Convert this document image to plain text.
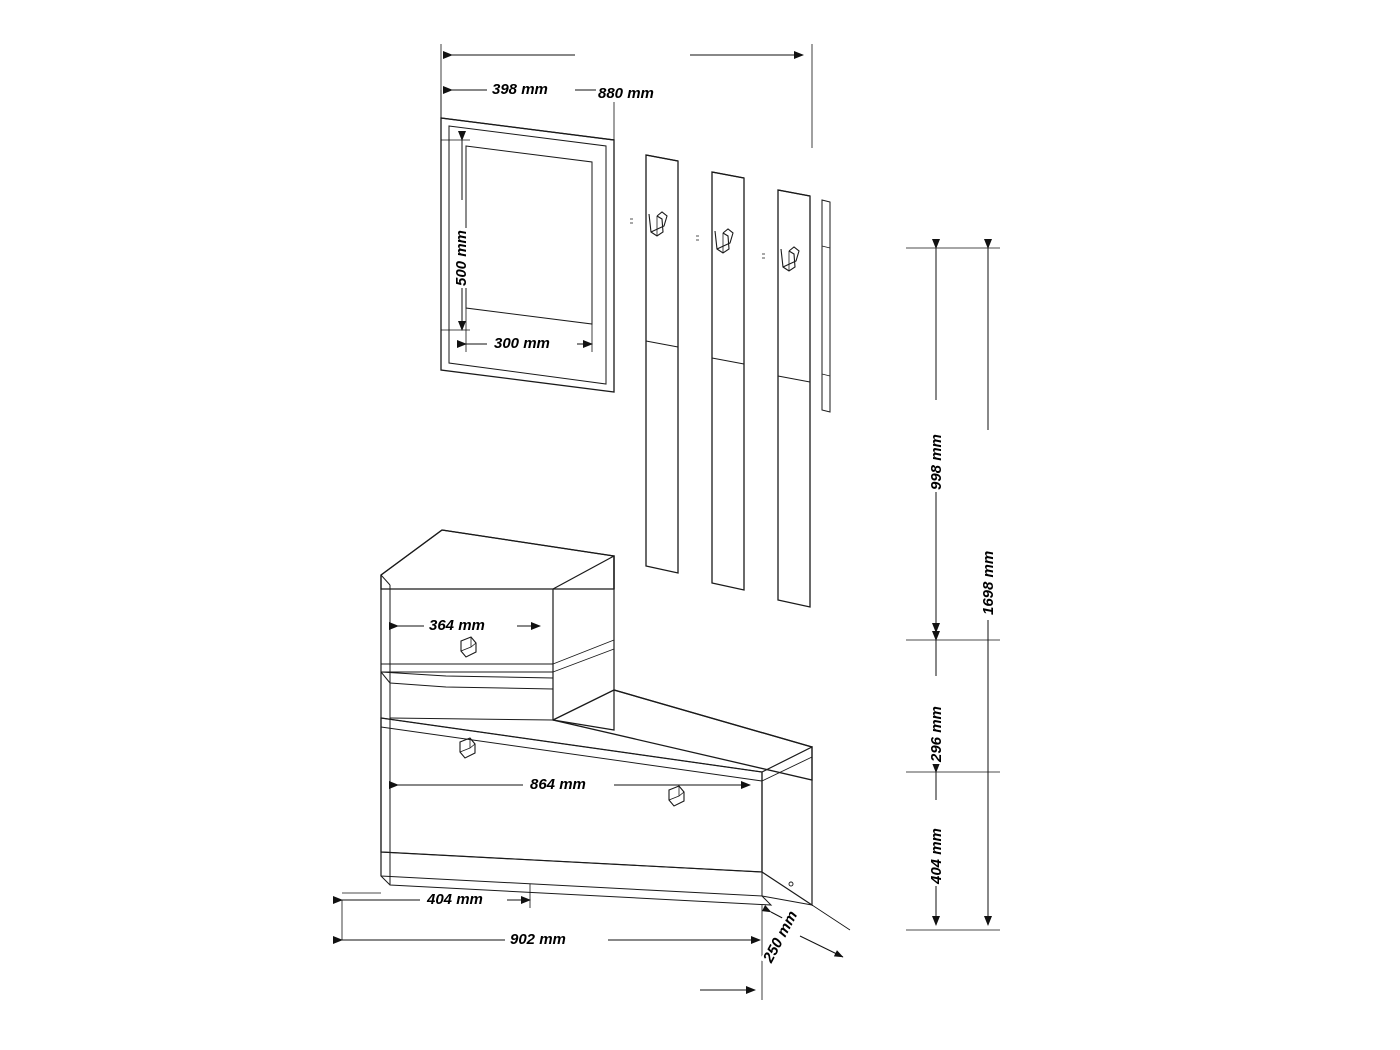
880 mm
398 mm
500 mm
300 mm
364 mm
864 mm
404 mm
902 mm	250 mm
998 mm
1698 mm
296 mm
404 mm
